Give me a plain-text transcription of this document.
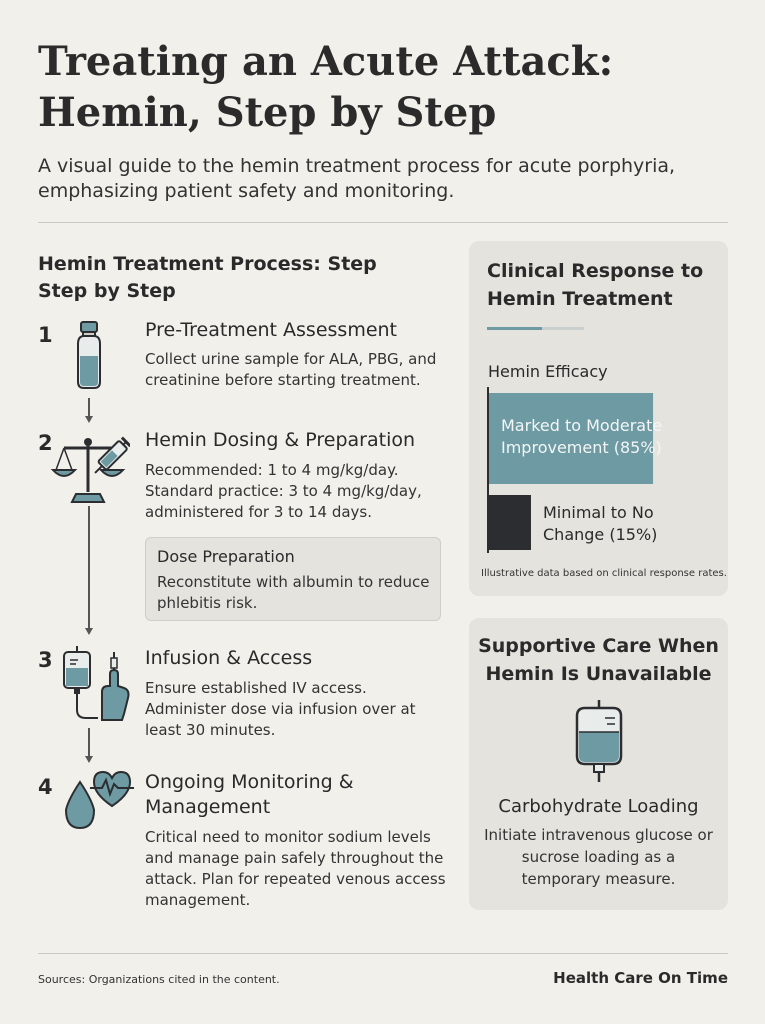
Treating an Acute Attack:
Hemin, Step by Step
A visual guide to the hemin treatment process for acute porphyria,
emphasizing patient safety and monitoring.
Hemin Treatment Process: Step
Step by Step
1	Pre-Treatment Assessment
Collect urine sample for ALA, PBG, and
creatinine before starting treatment.
2	Hemin Dosing & Preparation
Recommended: 1 to 4 mg/kg/day.
Standard practice: 3 to 4 mg/kg/day,
administered for 3 to 14 days.
Dose Preparation
Reconstitute with albumin to reduce
phlebitis risk.
3	Infusion & Access
Ensure established IV access.
Administer dose via infusion over at
least 30 minutes.
4	Ongoing Monitoring &
Management
Critical need to monitor sodium levels
and manage pain safely throughout the
attack. Plan for repeated venous access
management.
Clinical Response to
Hemin Treatment
Hemin Efficacy
Marked to Moderate Improvement (85%)
Minimal to No Change (15%)
Illustrative data based on clinical response rates.
Supportive Care When
Hemin Is Unavailable
Carbohydrate Loading
Initiate intravenous glucose or
sucrose loading as a
temporary measure.
Sources: Organizations cited in the content.	Health Care On Time
